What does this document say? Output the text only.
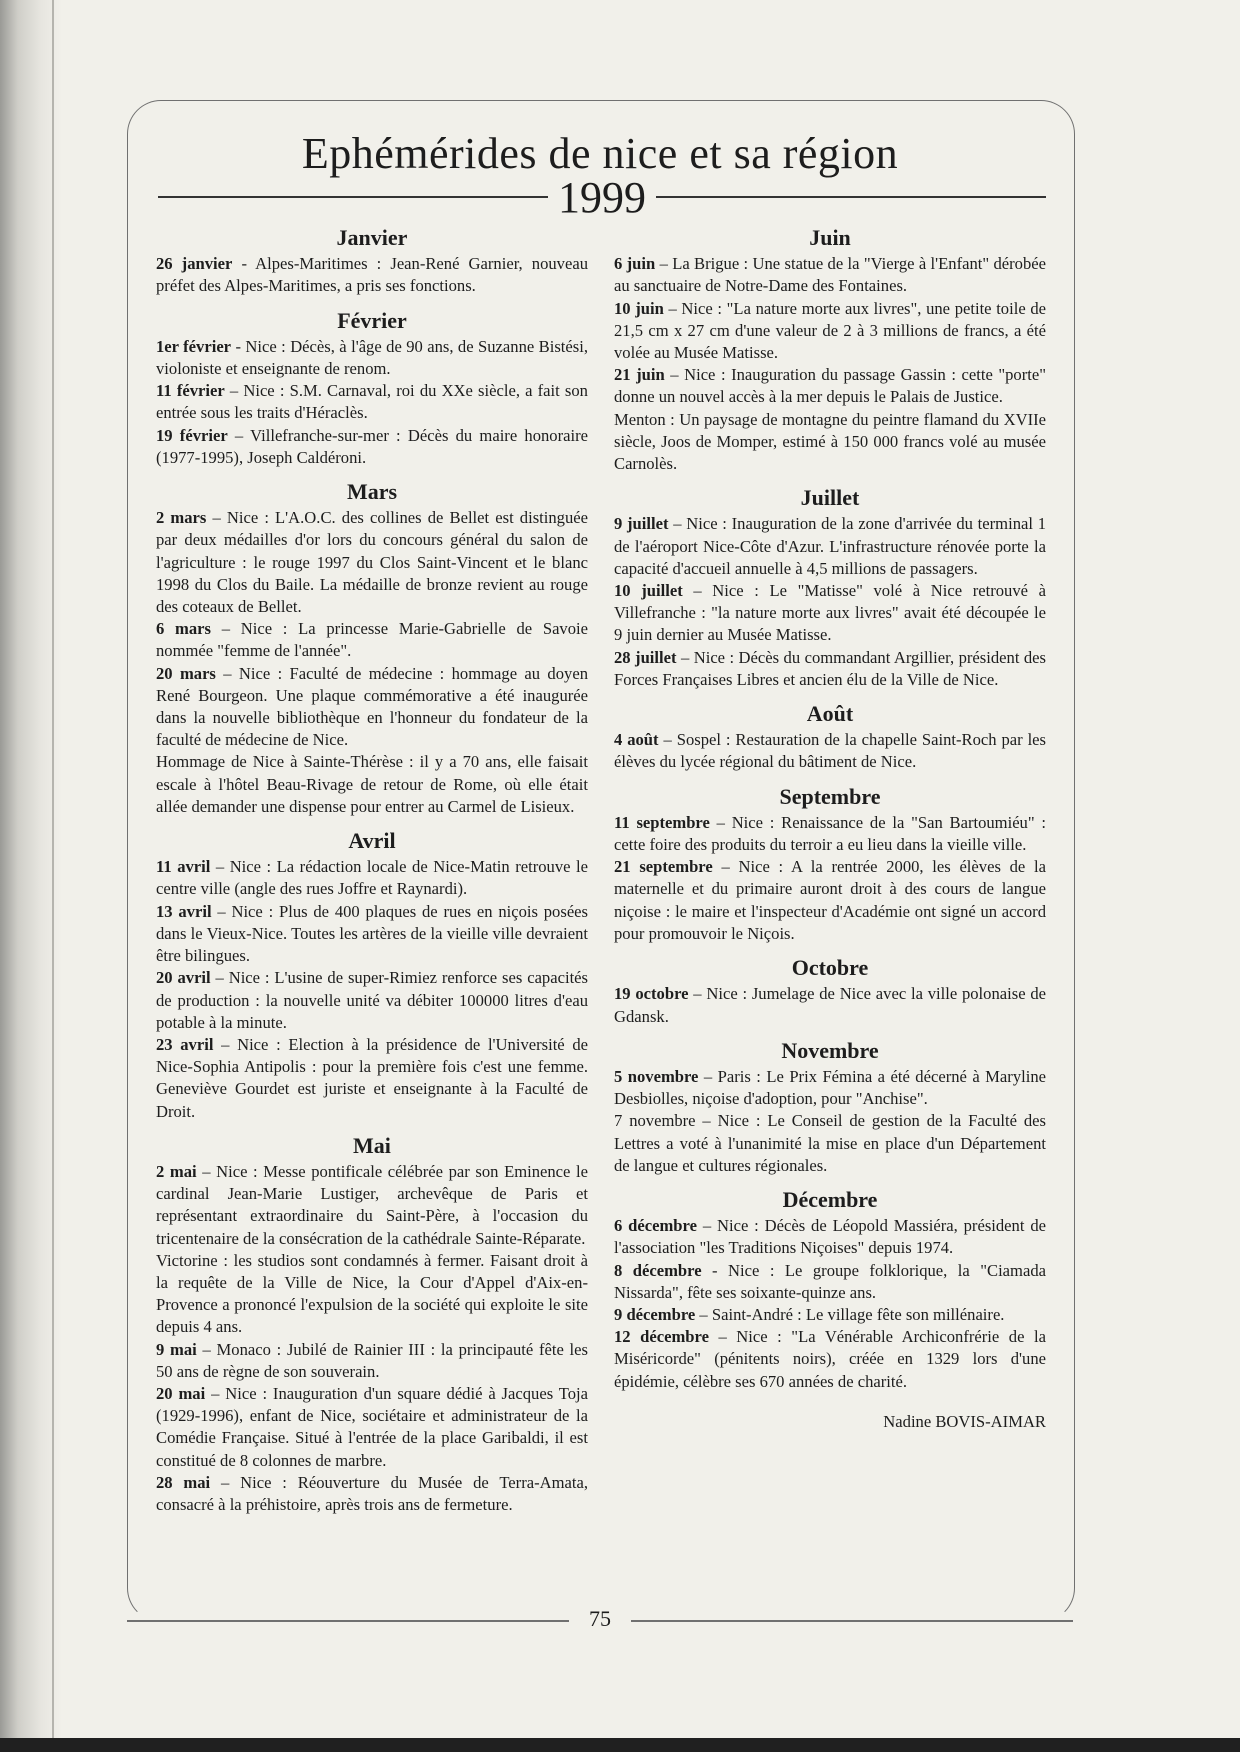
Ephémérides de nice et sa région
1999
Janvier

26 janvier - Alpes-Maritimes : Jean-René Garnier, nouveau préfet des Alpes-Maritimes, a pris ses fonctions.

Février

1er février - Nice : Décès, à l'âge de 90 ans, de Suzanne Bistési, violoniste et enseignante de renom.

11 février – Nice : S.M. Carnaval, roi du XXe siècle, a fait son entrée sous les traits d'Héraclès.

19 février – Villefranche-sur-mer : Décès du maire honoraire (1977-1995), Joseph Caldéroni.

Mars

2 mars – Nice : L'A.O.C. des collines de Bellet est distinguée par deux médailles d'or lors du concours général du salon de l'agriculture : le rouge 1997 du Clos Saint-Vincent et le blanc 1998 du Clos du Baile. La médaille de bronze revient au rouge des coteaux de Bellet.

6 mars – Nice : La princesse Marie-Gabrielle de Savoie nommée "femme de l'année".

20 mars – Nice : Faculté de médecine : hommage au doyen René Bourgeon. Une plaque commémorative a été inaugurée dans la nouvelle bibliothèque en l'honneur du fondateur de la faculté de médecine de Nice.

Hommage de Nice à Sainte-Thérèse : il y a 70 ans, elle faisait escale à l'hôtel Beau-Rivage de retour de Rome, où elle était allée demander une dispense pour entrer au Carmel de Lisieux.

Avril

11 avril – Nice : La rédaction locale de Nice-Matin retrouve le centre ville (angle des rues Joffre et Raynardi).

13 avril – Nice : Plus de 400 plaques de rues en niçois posées dans le Vieux-Nice. Toutes les artères de la vieille ville devraient être bilingues.

20 avril – Nice : L'usine de super-Rimiez renforce ses capacités de production : la nouvelle unité va débiter 100000 litres d'eau potable à la minute.

23 avril – Nice : Election à la présidence de l'Université de Nice-Sophia Antipolis : pour la première fois c'est une femme. Geneviève Gourdet est juriste et enseignante à la Faculté de Droit.

Mai

2 mai – Nice : Messe pontificale célébrée par son Eminence le cardinal Jean-Marie Lustiger, archevêque de Paris et représentant extraordinaire du Saint-Père, à l'occasion du tricentenaire de la consécration de la cathédrale Sainte-Réparate.

Victorine : les studios sont condamnés à fermer. Faisant droit à la requête de la Ville de Nice, la Cour d'Appel d'Aix-en-Provence a prononcé l'expulsion de la société qui exploite le site depuis 4 ans.

9 mai – Monaco : Jubilé de Rainier III : la principauté fête les 50 ans de règne de son souverain.

20 mai – Nice : Inauguration d'un square dédié à Jacques Toja (1929-1996), enfant de Nice, sociétaire et administrateur de la Comédie Française. Situé à l'entrée de la place Garibaldi, il est constitué de 8 colonnes de marbre.

28 mai – Nice : Réouverture du Musée de Terra-Amata, consacré à la préhistoire, après trois ans de fermeture.

Juin

6 juin – La Brigue : Une statue de la "Vierge à l'Enfant" dérobée au sanctuaire de Notre-Dame des Fontaines.

10 juin – Nice : "La nature morte aux livres", une petite toile de 21,5 cm x 27 cm d'une valeur de 2 à 3 millions de francs, a été volée au Musée Matisse.

21 juin – Nice : Inauguration du passage Gassin : cette "porte" donne un nouvel accès à la mer depuis le Palais de Justice.

Menton : Un paysage de montagne du peintre flamand du XVIIe siècle, Joos de Momper, estimé à 150 000 francs volé au musée Carnolès.

Juillet

9 juillet – Nice : Inauguration de la zone d'arrivée du terminal 1 de l'aéroport Nice-Côte d'Azur. L'infrastructure rénovée porte la capacité d'accueil annuelle à 4,5 millions de passagers.

10 juillet – Nice : Le "Matisse" volé à Nice retrouvé à Villefranche : "la nature morte aux livres" avait été découpée le 9 juin dernier au Musée Matisse.

28 juillet – Nice : Décès du commandant Argillier, président des Forces Françaises Libres et ancien élu de la Ville de Nice.

Août

4 août – Sospel : Restauration de la chapelle Saint-Roch par les élèves du lycée régional du bâtiment de Nice.

Septembre

11 septembre – Nice : Renaissance de la "San Bartoumiéu" : cette foire des produits du terroir a eu lieu dans la vieille ville.

21 septembre – Nice : A la rentrée 2000, les élèves de la maternelle et du primaire auront droit à des cours de langue niçoise : le maire et l'inspecteur d'Académie ont signé un accord pour promouvoir le Niçois.

Octobre

19 octobre – Nice : Jumelage de Nice avec la ville polonaise de Gdansk.

Novembre

5 novembre – Paris : Le Prix Fémina a été décerné à Maryline Desbiolles, niçoise d'adoption, pour "Anchise".

7 novembre – Nice : Le Conseil de gestion de la Faculté des Lettres a voté à l'unanimité la mise en place d'un Département de langue et cultures régionales.

Décembre

6 décembre – Nice : Décès de Léopold Massiéra, président de l'association "les Traditions Niçoises" depuis 1974.

8 décembre - Nice : Le groupe folklorique, la "Ciamada Nissarda", fête ses soixante-quinze ans.

9 décembre – Saint-André : Le village fête son millénaire.

12 décembre – Nice : "La Vénérable Archiconfrérie de la Miséricorde" (pénitents noirs), créée en 1329 lors d'une épidémie, célèbre ses 670 années de charité.

Nadine BOVIS-AIMAR
75
